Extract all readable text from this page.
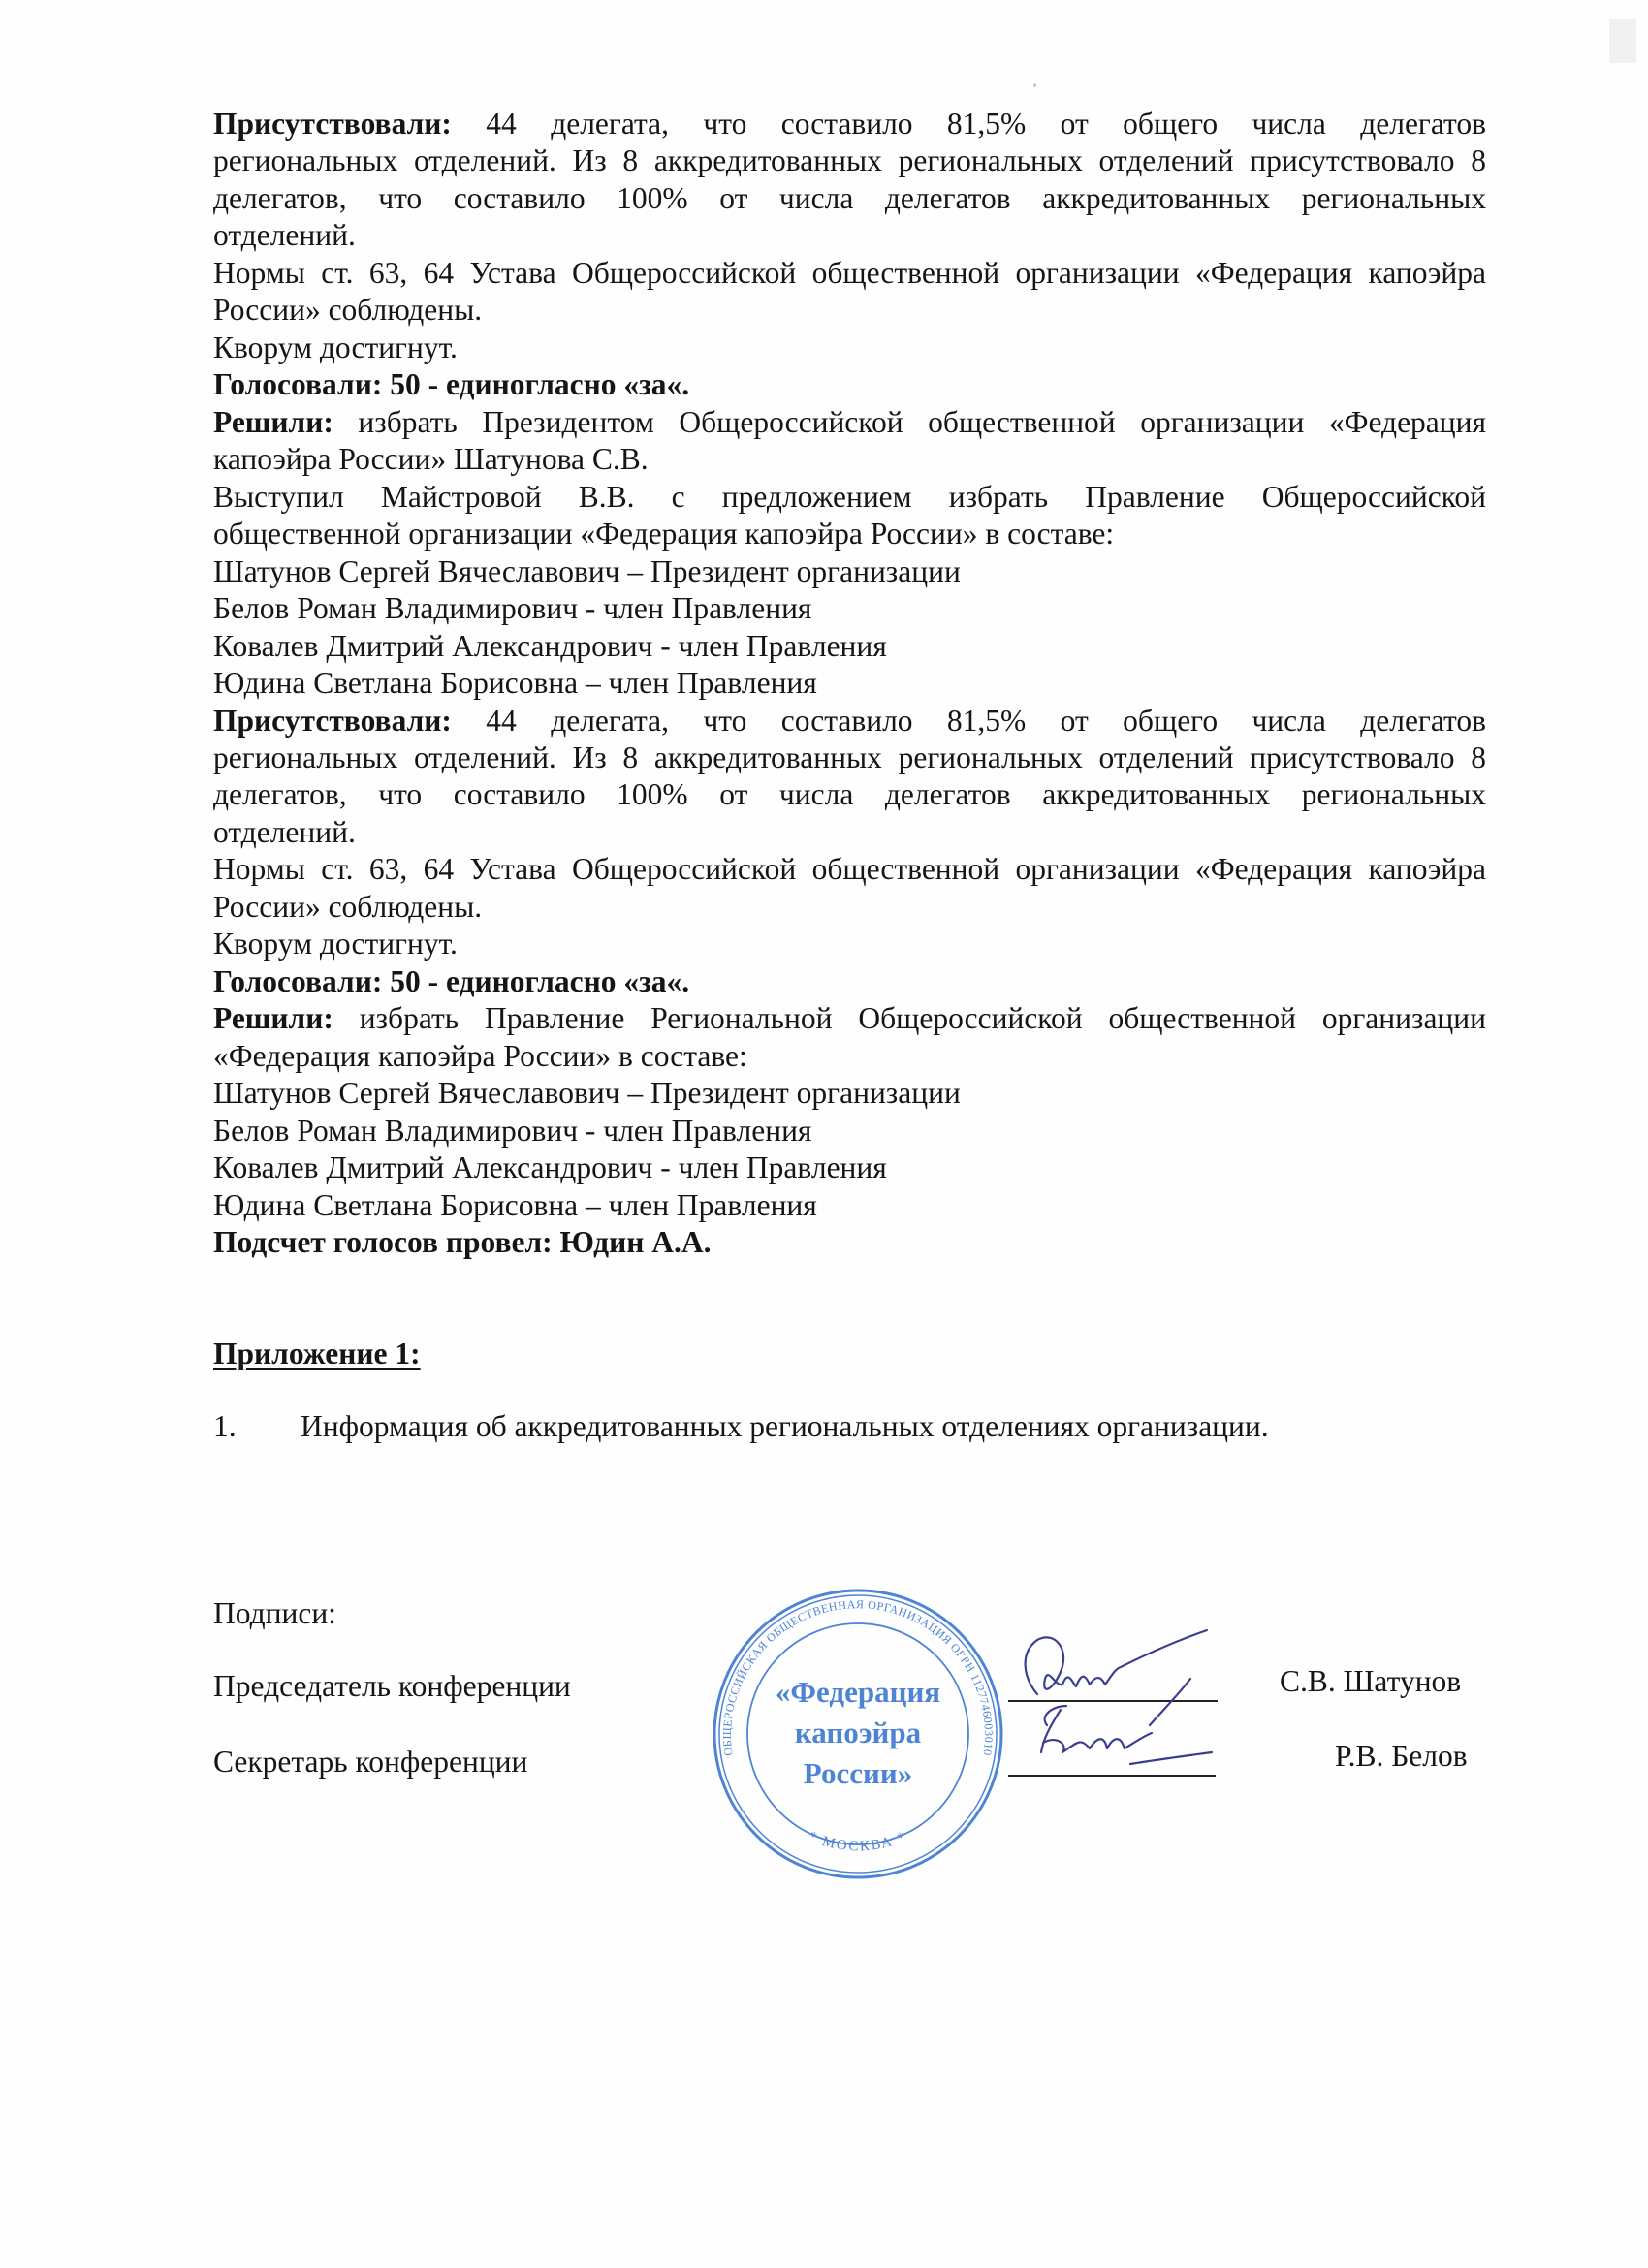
Присутствовали: 44 делегата, что составило 81,5% от общего числа делегатов
региональных отделений. Из 8 аккредитованных региональных отделений присутствовало 8
делегатов, что составило 100% от числа делегатов аккредитованных региональных
отделений.
Нормы ст. 63, 64 Устава Общероссийской общественной организации «Федерация капоэйра
России» соблюдены.
Кворум достигнут.
Голосовали: 50 - единогласно «за«.
Решили: избрать Президентом Общероссийской общественной организации «Федерация
капоэйра России» Шатунова С.В.
Выступил Майстровой В.В. с предложением избрать Правление Общероссийской
общественной организации «Федерация капоэйра России» в составе:
Шатунов Сергей Вячеславович – Президент организации
Белов Роман Владимирович - член Правления
Ковалев Дмитрий Александрович - член Правления
Юдина Светлана Борисовна – член Правления
Присутствовали: 44 делегата, что составило 81,5% от общего числа делегатов
региональных отделений. Из 8 аккредитованных региональных отделений присутствовало 8
делегатов, что составило 100% от числа делегатов аккредитованных региональных
отделений.
Нормы ст. 63, 64 Устава Общероссийской общественной организации «Федерация капоэйра
России» соблюдены.
Кворум достигнут.
Голосовали: 50 - единогласно «за«.
Решили: избрать Правление Региональной Общероссийской общественной организации
«Федерация капоэйра России» в составе:
Шатунов Сергей Вячеславович – Президент организации
Белов Роман Владимирович - член Правления
Ковалев Дмитрий Александрович - член Правления
Юдина Светлана Борисовна – член Правления
Подсчет голосов провел: Юдин А.А.
Приложение 1:
1. Информация об аккредитованных региональных отделениях организации.
Подписи:
Председатель конференции
Секретарь конференции
С.В. Шатунов
Р.В. Белов
ОБЩЕРОССИЙСКАЯ ОБЩЕСТВЕННАЯ ОРГАНИЗАЦИЯ ОГРН 1127746003010
* МОСКВА *
«Федерация
капоэйра
России»
